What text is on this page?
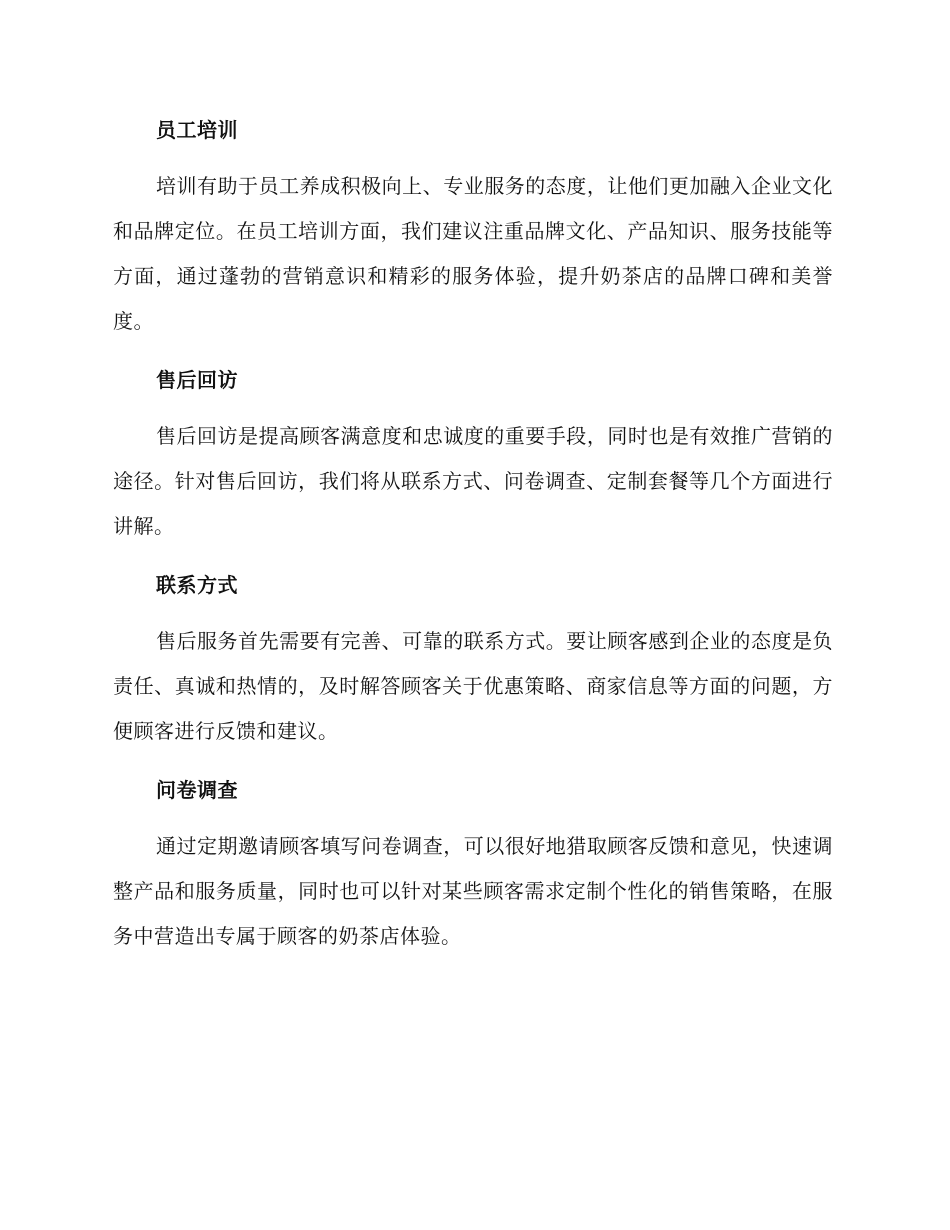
员工培训

培训有助于员工养成积极向上、专业服务的态度，让他们更加融入企业文化和品牌定位。在员工培训方面，我们建议注重品牌文化、产品知识、服务技能等方面，通过蓬勃的营销意识和精彩的服务体验，提升奶茶店的品牌口碑和美誉度。

售后回访

售后回访是提高顾客满意度和忠诚度的重要手段，同时也是有效推广营销的途径。针对售后回访，我们将从联系方式、问卷调查、定制套餐等几个方面进行讲解。

联系方式

售后服务首先需要有完善、可靠的联系方式。要让顾客感到企业的态度是负责任、真诚和热情的，及时解答顾客关于优惠策略、商家信息等方面的问题，方便顾客进行反馈和建议。

问卷调查

通过定期邀请顾客填写问卷调查，可以很好地猎取顾客反馈和意见，快速调整产品和服务质量，同时也可以针对某些顾客需求定制个性化的销售策略，在服务中营造出专属于顾客的奶茶店体验。
